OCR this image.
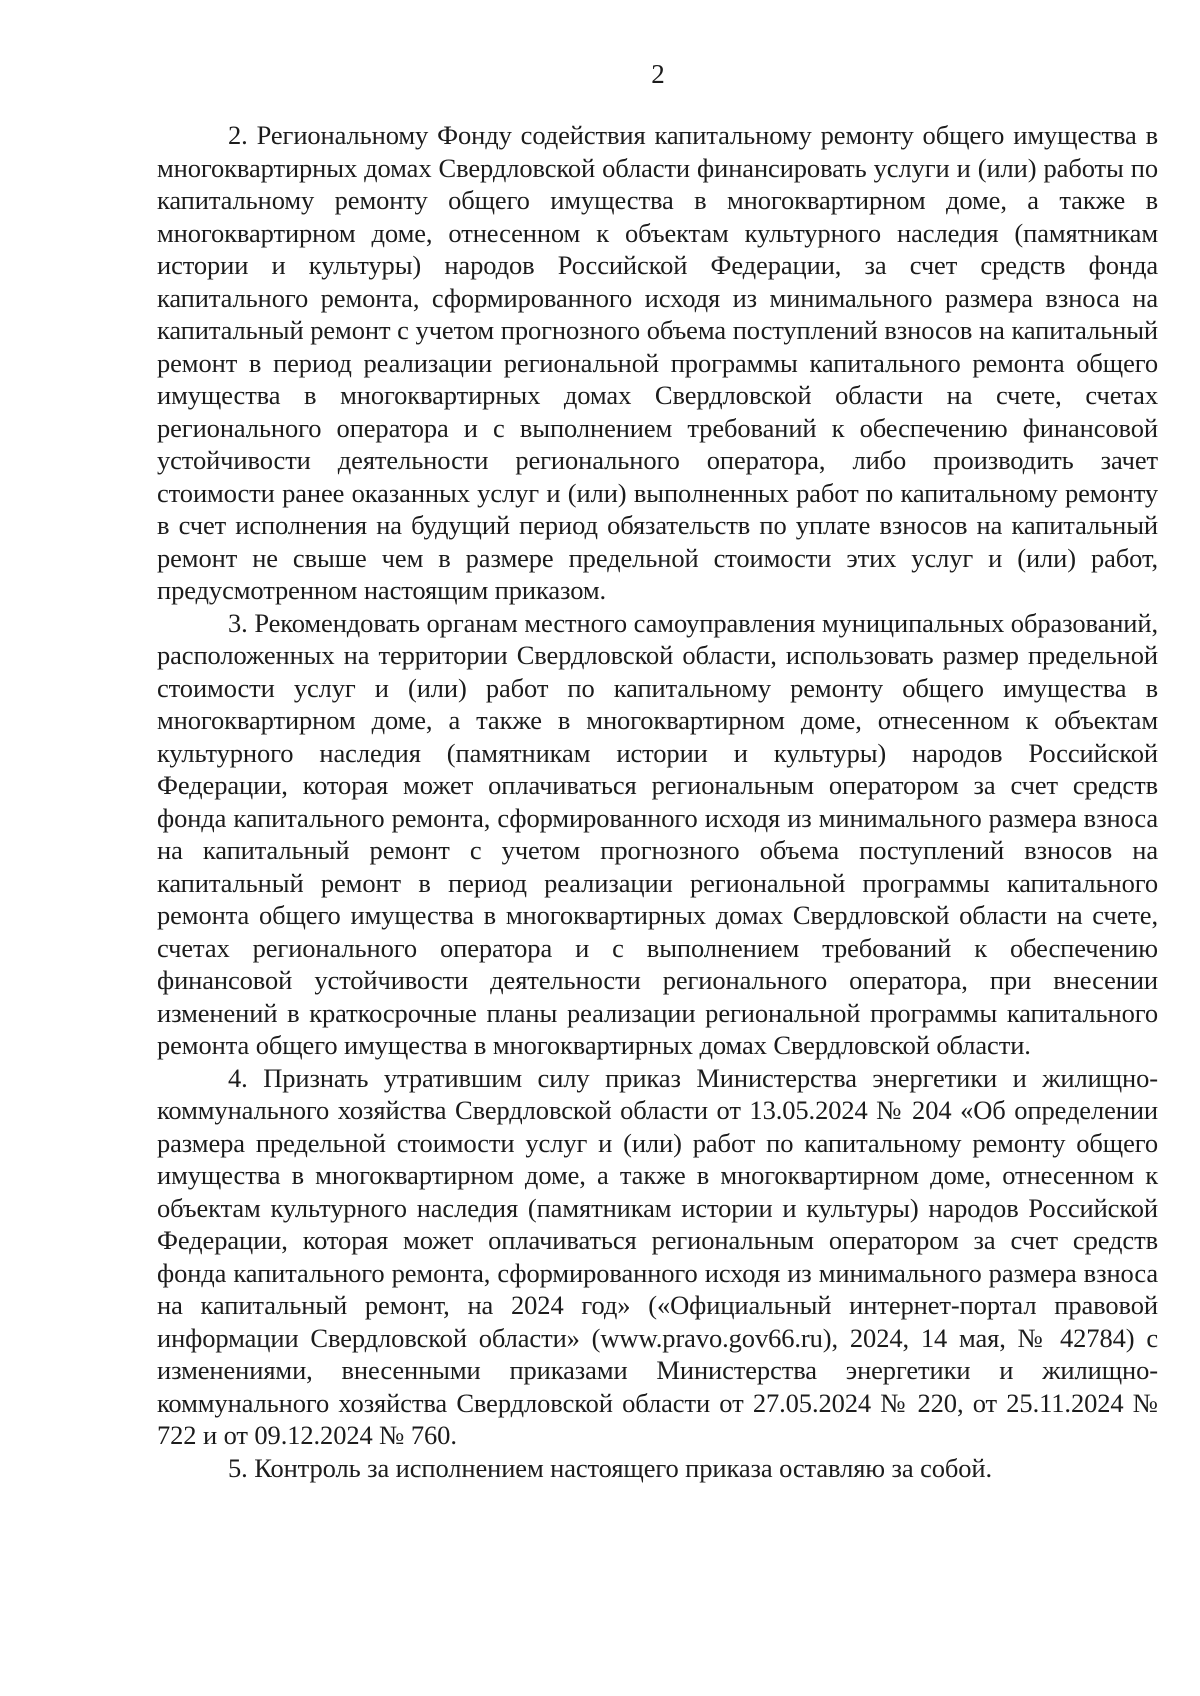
2

2. Региональному Фонду содействия капитальному ремонту общего имущества в многоквартирных домах Свердловской области финансировать услуги и (или) работы по капитальному ремонту общего имущества в многоквартирном доме, а также в многоквартирном доме, отнесенном к объектам культурного наследия (памятникам истории и культуры) народов Российской Федерации, за счет средств фонда капитального ремонта, сформированного исходя из минимального размера взноса на капитальный ремонт с учетом прогнозного объема поступлений взносов на капитальный ремонт в период реализации региональной программы капитального ремонта общего имущества в многоквартирных домах Свердловской области на счете, счетах регионального оператора и с выполнением требований к обеспечению финансовой устойчивости деятельности регионального оператора, либо производить зачет стоимости ранее оказанных услуг и (или) выполненных работ по капитальному ремонту в счет исполнения на будущий период обязательств по уплате взносов на капитальный ремонт не свыше чем в размере предельной стоимости этих услуг и (или) работ, предусмотренном настоящим приказом.

3. Рекомендовать органам местного самоуправления муниципальных образований, расположенных на территории Свердловской области, использовать размер предельной стоимости услуг и (или) работ по капитальному ремонту общего имущества в многоквартирном доме, а также в многоквартирном доме, отнесенном к объектам культурного наследия (памятникам истории и культуры) народов Российской Федерации, которая может оплачиваться региональным оператором за счет средств фонда капитального ремонта, сформированного исходя из минимального размера взноса на капитальный ремонт с учетом прогнозного объема поступлений взносов на капитальный ремонт в период реализации региональной программы капитального ремонта общего имущества в многоквартирных домах Свердловской области на счете, счетах регионального оператора и с выполнением требований к обеспечению финансовой устойчивости деятельности регионального оператора, при внесении изменений в краткосрочные планы реализации региональной программы капитального ремонта общего имущества в многоквартирных домах Свердловской области.

4. Признать утратившим силу приказ Министерства энергетики и жилищно-коммунального хозяйства Свердловской области от 13.05.2024 № 204 «Об определении размера предельной стоимости услуг и (или) работ по капитальному ремонту общего имущества в многоквартирном доме, а также в многоквартирном доме, отнесенном к объектам культурного наследия (памятникам истории и культуры) народов Российской Федерации, которая может оплачиваться региональным оператором за счет средств фонда капитального ремонта, сформированного исходя из минимального размера взноса на капитальный ремонт, на 2024 год» («Официальный интернет-портал правовой информации Свердловской области» (www.pravo.gov66.ru), 2024, 14 мая, № 42784) с изменениями, внесенными приказами Министерства энергетики и жилищно-коммунального хозяйства Свердловской области от 27.05.2024 № 220, от 25.11.2024 № 722 и от 09.12.2024 № 760.

5. Контроль за исполнением настоящего приказа оставляю за собой.
